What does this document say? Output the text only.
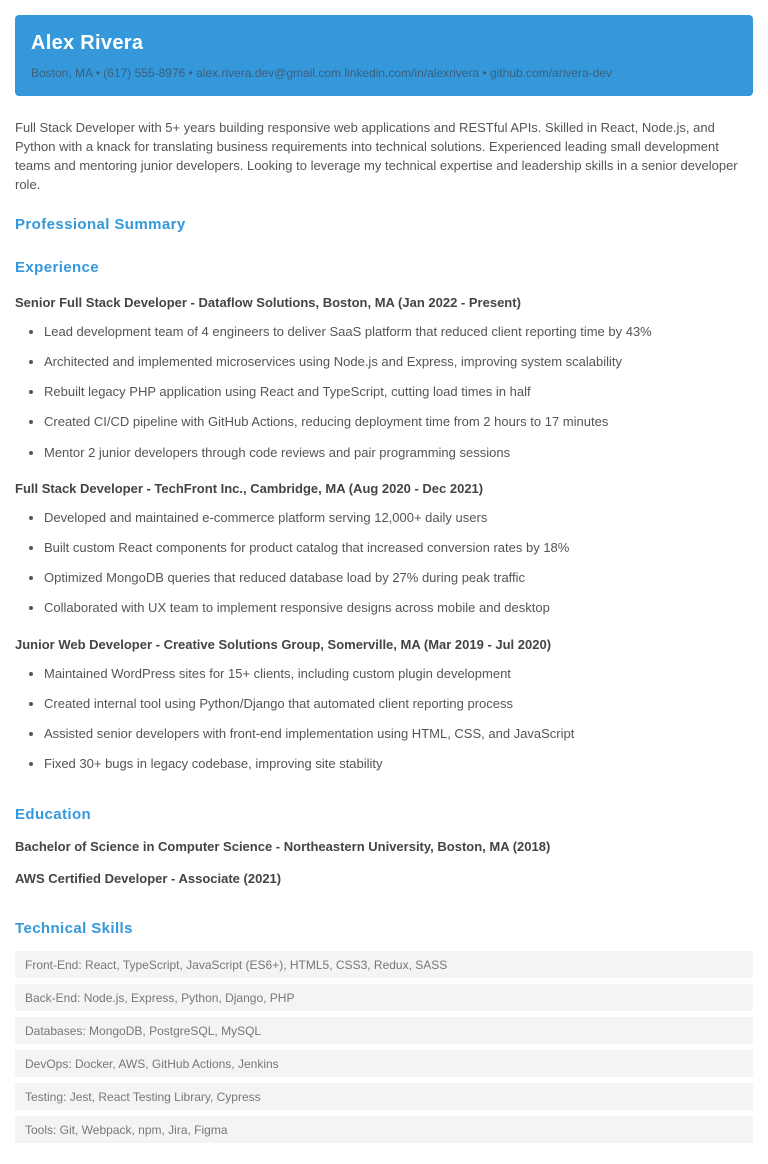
Alex Rivera

Boston, MA • (617) 555-8976 • alex.rivera.dev@gmail.com linkedin.com/in/alexrivera • github.com/arivera-dev

Full Stack Developer with 5+ years building responsive web applications and RESTful APIs. Skilled in React, Node.js, and Python with a knack for translating business requirements into technical solutions. Experienced leading small development teams and mentoring junior developers. Looking to leverage my technical expertise and leadership skills in a senior developer role.

Professional Summary
Experience

Senior Full Stack Developer - Dataflow Solutions, Boston, MA (Jan 2022 - Present)

• Lead development team of 4 engineers to deliver SaaS platform that reduced client reporting time by 43%
• Architected and implemented microservices using Node.js and Express, improving system scalability
• Rebuilt legacy PHP application using React and TypeScript, cutting load times in half
• Created CI/CD pipeline with GitHub Actions, reducing deployment time from 2 hours to 17 minutes
• Mentor 2 junior developers through code reviews and pair programming sessions

Full Stack Developer - TechFront Inc., Cambridge, MA (Aug 2020 - Dec 2021)

• Developed and maintained e-commerce platform serving 12,000+ daily users
• Built custom React components for product catalog that increased conversion rates by 18%
• Optimized MongoDB queries that reduced database load by 27% during peak traffic
• Collaborated with UX team to implement responsive designs across mobile and desktop

Junior Web Developer - Creative Solutions Group, Somerville, MA (Mar 2019 - Jul 2020)

• Maintained WordPress sites for 15+ clients, including custom plugin development
• Created internal tool using Python/Django that automated client reporting process
• Assisted senior developers with front-end implementation using HTML, CSS, and JavaScript
• Fixed 30+ bugs in legacy codebase, improving site stability
Education

Bachelor of Science in Computer Science - Northeastern University, Boston, MA (2018)

AWS Certified Developer - Associate (2021)

Technical Skills
Front-End: React, TypeScript, JavaScript (ES6+), HTML5, CSS3, Redux, SASS
Back-End: Node.js, Express, Python, Django, PHP
Databases: MongoDB, PostgreSQL, MySQL
DevOps: Docker, AWS, GitHub Actions, Jenkins
Testing: Jest, React Testing Library, Cypress
Tools: Git, Webpack, npm, Jira, Figma
